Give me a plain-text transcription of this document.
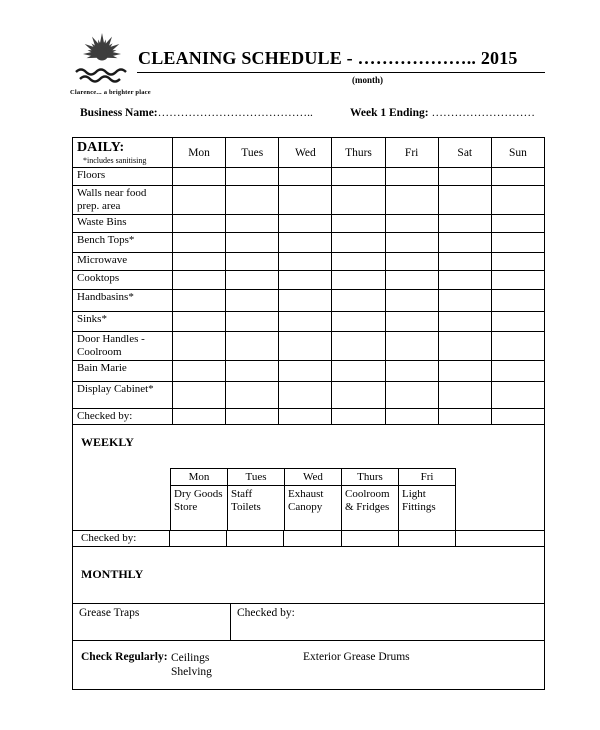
Clarence... a brighter place
CLEANING SCHEDULE - ……………….. 2015
(month)
Business Name:…………………………………..	Week 1 Ending: ………………………
DAILY:
*includes sanitising	Mon	Tues	Wed	Thurs	Fri	Sat	Sun
Floors							
Walls near food prep. area							
Waste Bins							
Bench Tops*							
Microwave							
Cooktops							
Handbasins*							
Sinks*							
Door Handles - Coolroom							
Bain Marie							
Display Cabinet*							
Checked by:							
WEEKLY
Mon	Tues	Wed	Thurs	Fri
Dry Goods Store	Staff Toilets	Exhaust Canopy	Coolroom & Fridges	Light Fittings
Checked by:
MONTHLY
Grease Traps	Checked by:
Check Regularly: Ceilings
Shelving
Exterior Grease Drums
